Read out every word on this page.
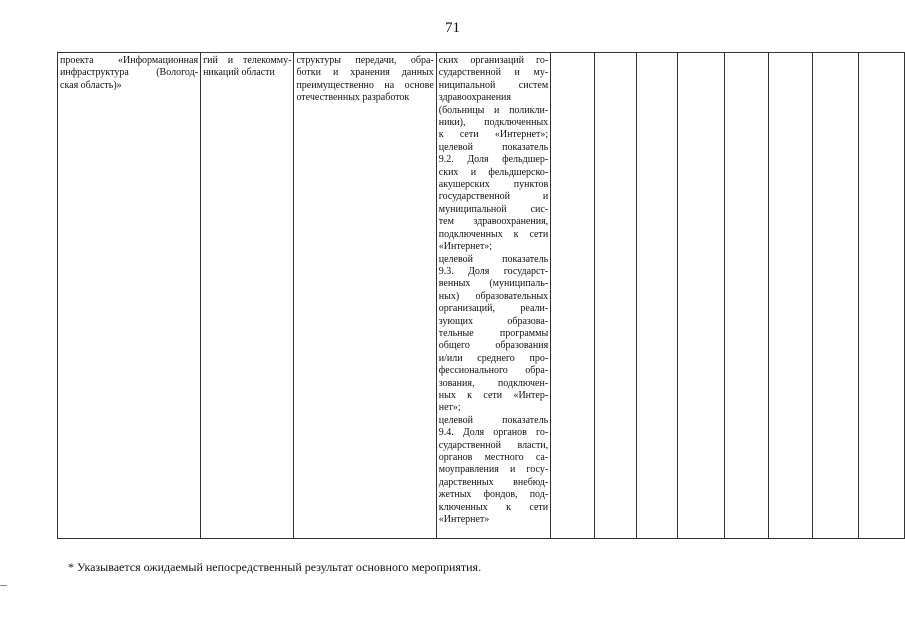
71
проекта «Информационная
инфраструктура (Вологод-
ская область)»

гий и телекомму-
никаций области

структуры передачи, обра-
ботки и хранения данных
преимущественно на основе
отечественных разработок

ских организаций го-
сударственной и му-
ниципальной систем
здравоохранения
(больницы и поликли-
ники), подключенных
к сети «Интернет»;
целевой показатель
9.2. Доля фельдшер-
ских и фельдшерско-
акушерских пунктов
государственной и
муниципальной сис-
тем здравоохранения,
подключенных к сети
«Интернет»;
целевой показатель
9.3. Доля государст-
венных (муниципаль-
ных) образовательных
организаций, реали-
зующих образова-
тельные программы
общего образования
и/или среднего про-
фессионального обра-
зования, подключен-
ных к сети «Интер-
нет»;
целевой показатель
9.4. Доля органов го-
сударственной власти,
органов местного са-
моуправления и госу-
дарственных внебюд-
жетных фондов, под-
ключенных к сети
«Интернет»

* Указывается ожидаемый непосредственный результат основного мероприятия.
